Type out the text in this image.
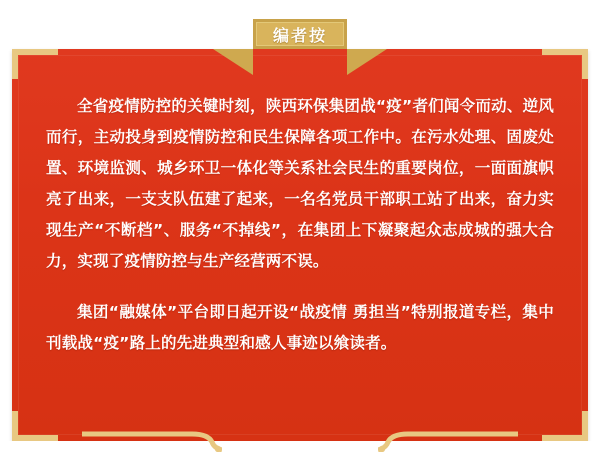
编者按

全省疫情防控的关键时刻，陕西环保集团战“疫”者们闻令而动、逆风而行，主动投身到疫情防控和民生保障各项工作中。在污水处理、固废处置、环境监测、城乡环卫一体化等关系社会民生的重要岗位，一面面旗帜亮了出来，一支支队伍建了起来，一名名党员干部职工站了出来，奋力实现生产“不断档”、服务“不掉线”，在集团上下凝聚起众志成城的强大合力，实现了疫情防控与生产经营两不误。

集团“融媒体”平台即日起开设“战疫情 勇担当”特别报道专栏，集中刊载战“疫”路上的先进典型和感人事迹以飨读者。
